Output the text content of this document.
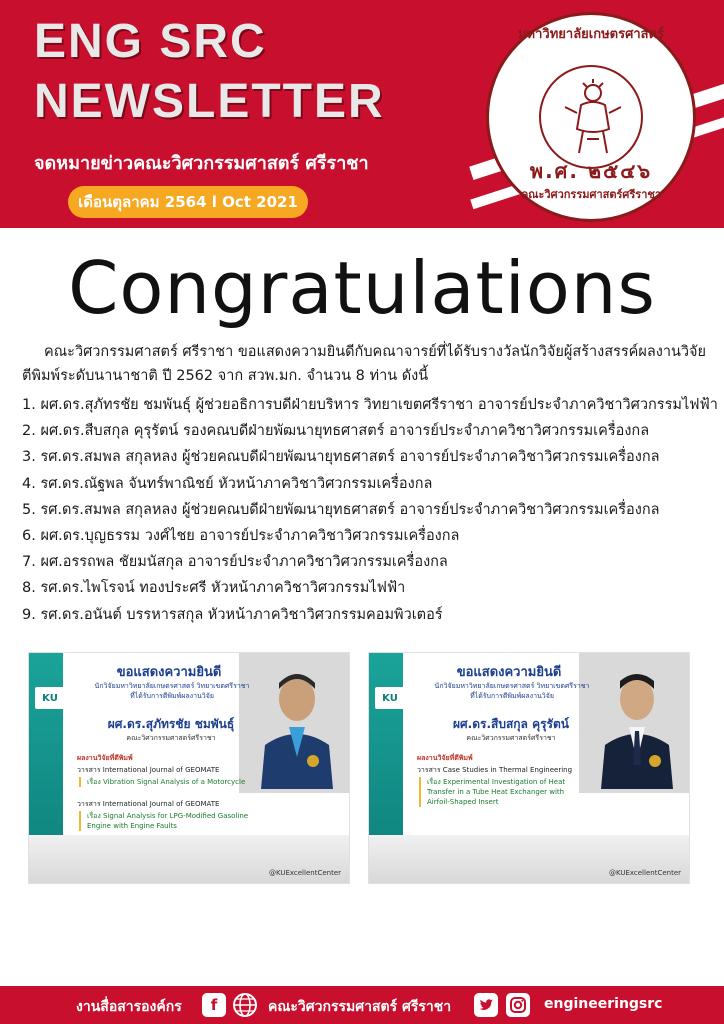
ENG SRC
NEWSLETTER
จดหมายข่าวคณะวิศวกรรมศาสตร์ ศรีราชา
เดือนตุลาคม 2564 l Oct 2021
มหาวิทยาลัยเกษตรศาสตร์
พ.ศ. ๒๕๔๖
คณะวิศวกรรมศาสตร์ศรีราชา
Congratulations

คณะวิศวกรรมศาสตร์ ศรีราชา ขอแสดงความยินดีกับคณาจารย์ที่ได้รับรางวัลนักวิจัยผู้สร้างสรรค์ผลงานวิจัยตีพิมพ์ระดับนานาชาติ ปี 2562 จาก สวพ.มก. จำนวน 8 ท่าน ดังนี้

1. ผศ.ดร.สุภัทรชัย ชมพันธุ์ ผู้ช่วยอธิการบดีฝ่ายบริหาร วิทยาเขตศรีราชา อาจารย์ประจำภาควิชาวิศวกรรมไฟฟ้า
2. ผศ.ดร.สืบสกุล คุรุรัตน์ รองคณบดีฝ่ายพัฒนายุทธศาสตร์ อาจารย์ประจำภาควิชาวิศวกรรมเครื่องกล
3. รศ.ดร.สมพล สกุลหลง ผู้ช่วยคณบดีฝ่ายพัฒนายุทธศาสตร์ อาจารย์ประจำภาควิชาวิศวกรรมเครื่องกล
4. รศ.ดร.ณัฐพล จันทร์พาณิชย์ หัวหน้าภาควิชาวิศวกรรมเครื่องกล
5. รศ.ดร.สมพล สกุลหลง ผู้ช่วยคณบดีฝ่ายพัฒนายุทธศาสตร์ อาจารย์ประจำภาควิชาวิศวกรรมเครื่องกล
6. ผศ.ดร.บุญธรรม วงศ์ไชย อาจารย์ประจำภาควิชาวิศวกรรมเครื่องกล
7. ผศ.อรรถพล ชัยมนัสกุล อาจารย์ประจำภาควิชาวิศวกรรมเครื่องกล
8. รศ.ดร.ไพโรจน์ ทองประศรี หัวหน้าภาควิชาวิศวกรรมไฟฟ้า
9. รศ.ดร.อนันต์ บรรหารสกุล หัวหน้าภาควิชาวิศวกรรมคอมพิวเตอร์
KU
ขอแสดงความยินดี
นักวิจัยมหาวิทยาลัยเกษตรศาสตร์ วิทยาเขตศรีราชา
ที่ได้รับการตีพิมพ์ผลงานวิจัย
ผศ.ดร.สุภัทรชัย ชมพันธุ์
คณะวิศวกรรมศาสตร์ศรีราชา
ผลงานวิจัยที่ตีพิมพ์
วารสาร International Journal of GEOMATE
เรื่อง Vibration Signal Analysis of a Motorcycle
วารสาร International Journal of GEOMATE
เรื่อง Signal Analysis for LPG-Modified Gasoline Engine with Engine Faults
@KUExcellentCenter
KU
ขอแสดงความยินดี
นักวิจัยมหาวิทยาลัยเกษตรศาสตร์ วิทยาเขตศรีราชา
ที่ได้รับการตีพิมพ์ผลงานวิจัย
ผศ.ดร.สืบสกุล คุรุรัตน์
คณะวิศวกรรมศาสตร์ศรีราชา
ผลงานวิจัยที่ตีพิมพ์
วารสาร Case Studies in Thermal Engineering
เรื่อง Experimental Investigation of Heat Transfer in a Tube Heat Exchanger with Airfoil-Shaped Insert
@KUExcellentCenter
งานสื่อสารองค์กร	f	คณะวิศวกรรมศาสตร์ ศรีราชา	engineeringsrc
